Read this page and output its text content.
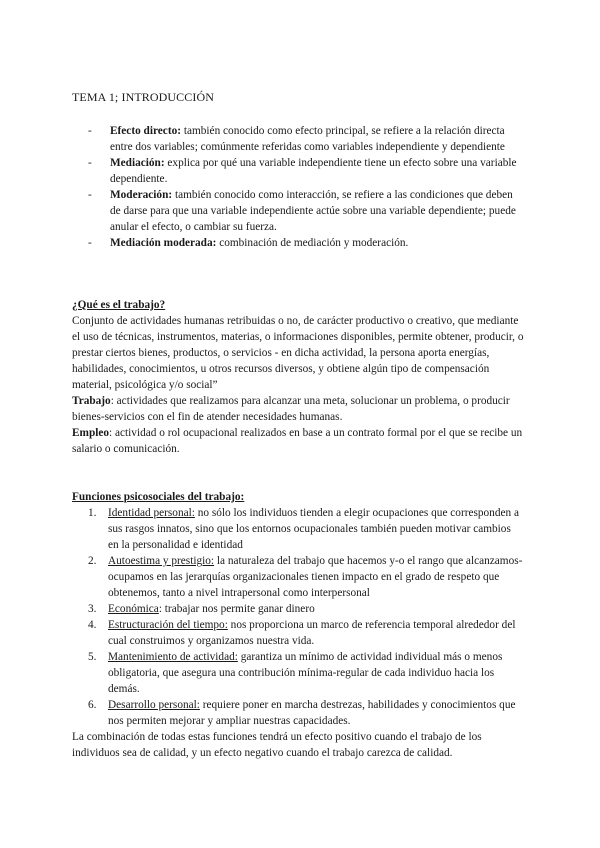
TEMA 1; INTRODUCCIÓN
- Efecto directo: también conocido como efecto principal, se refiere a la relación directa entre dos variables; comúnmente referidas como variables independiente y dependiente
- Mediación: explica por qué una variable independiente tiene un efecto sobre una variable dependiente.
- Moderación: también conocido como interacción, se refiere a las condiciones que deben de darse para que una variable independiente actúe sobre una variable dependiente; puede anular el efecto, o cambiar su fuerza.
- Mediación moderada: combinación de mediación y moderación.
¿Qué es el trabajo?
Conjunto de actividades humanas retribuidas o no, de carácter productivo o creativo, que mediante el uso de técnicas, instrumentos, materias, o informaciones disponibles, permite obtener, producir, o prestar ciertos bienes, productos, o servicios - en dicha actividad, la persona aporta energías, habilidades, conocimientos, u otros recursos diversos, y obtiene algún tipo de compensación material, psicológica y/o social”
Trabajo: actividades que realizamos para alcanzar una meta, solucionar un problema, o producir bienes-servicios con el fin de atender necesidades humanas.
Empleo: actividad o rol ocupacional realizados en base a un contrato formal por el que se recibe un salario o comunicación.
Funciones psicosociales del trabajo:
1. Identidad personal: no sólo los individuos tienden a elegir ocupaciones que corresponden a sus rasgos innatos, sino que los entornos ocupacionales también pueden motivar cambios en la personalidad e identidad
2. Autoestima y prestigio: la naturaleza del trabajo que hacemos y-o el rango que alcanzamos-ocupamos en las jerarquías organizacionales tienen impacto en el grado de respeto que obtenemos, tanto a nivel intrapersonal como interpersonal
3. Económica: trabajar nos permite ganar dinero
4. Estructuración del tiempo: nos proporciona un marco de referencia temporal alrededor del cual construimos y organizamos nuestra vida.
5. Mantenimiento de actividad: garantiza un mínimo de actividad individual más o menos obligatoria, que asegura una contribución mínima-regular de cada individuo hacia los demás.
6. Desarrollo personal: requiere poner en marcha destrezas, habilidades y conocimientos que nos permiten mejorar y ampliar nuestras capacidades.
La combinación de todas estas funciones tendrá un efecto positivo cuando el trabajo de los individuos sea de calidad, y un efecto negativo cuando el trabajo carezca de calidad.
